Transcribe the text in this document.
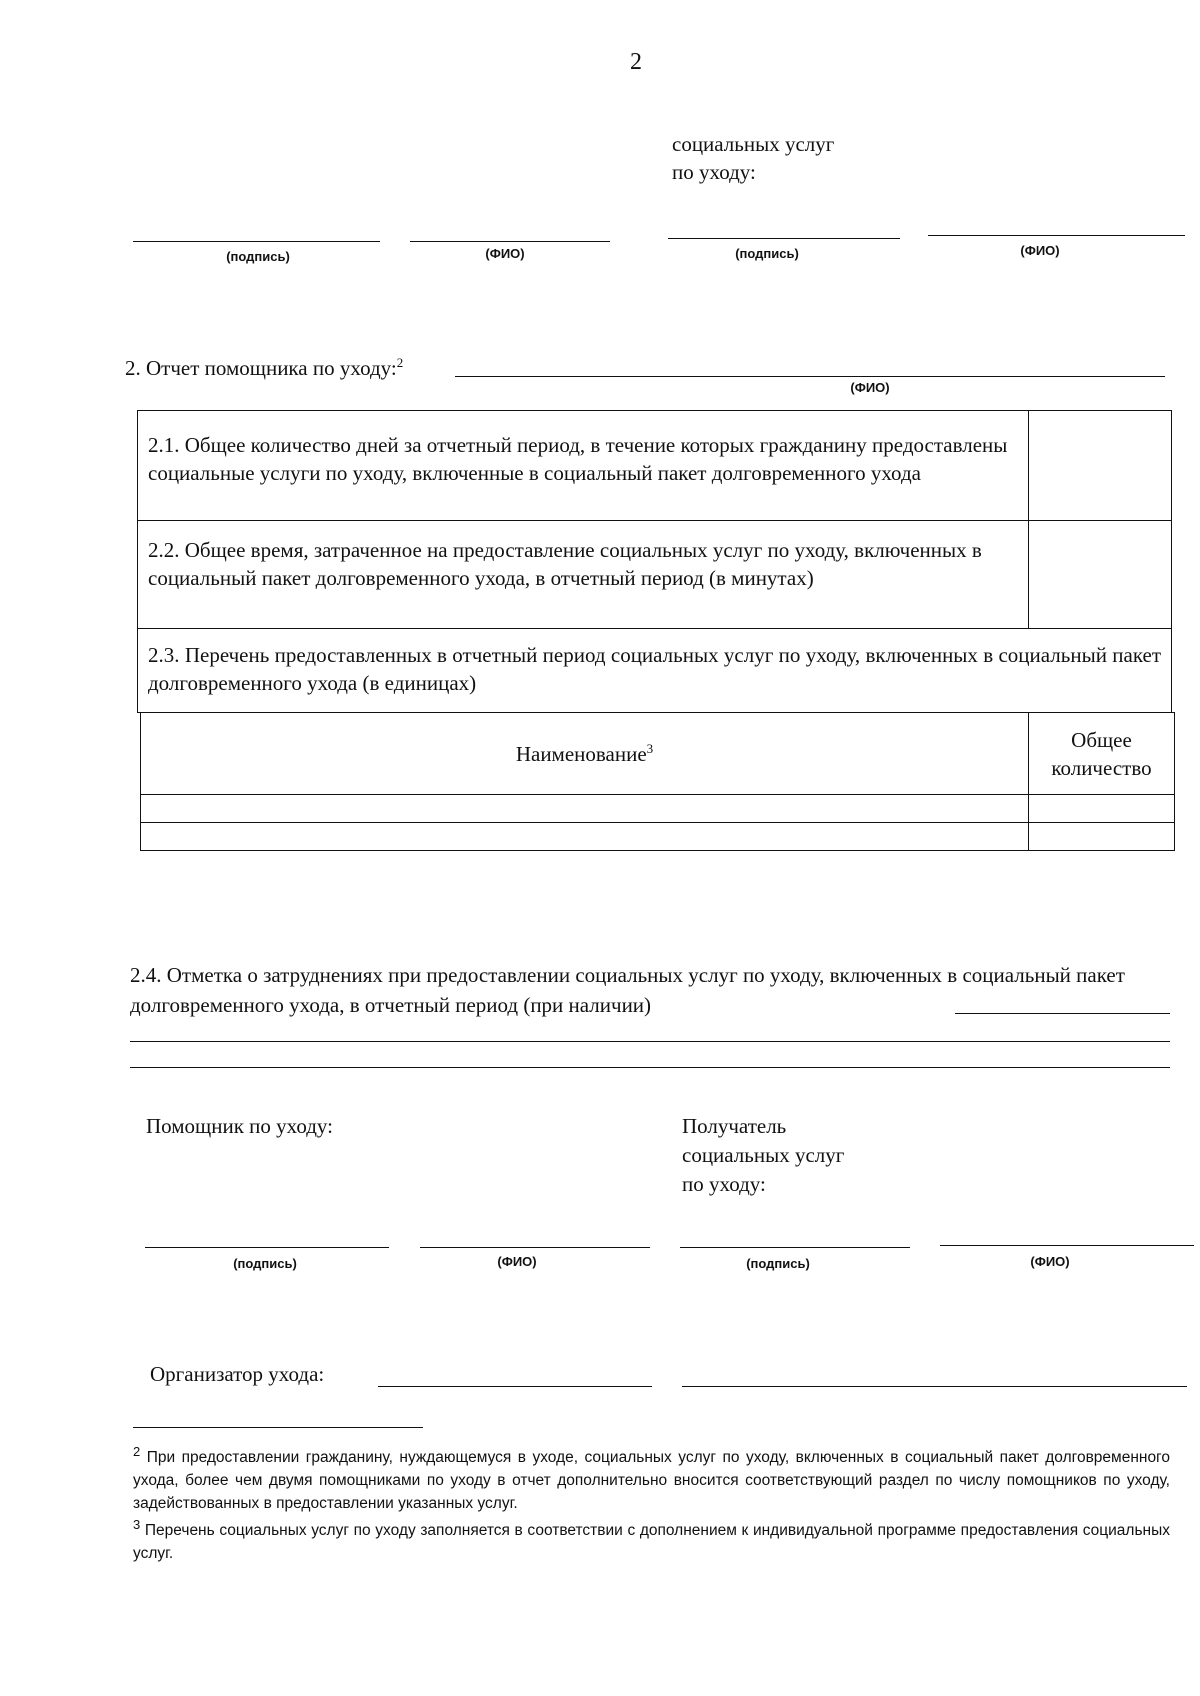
2
социальных услуг
по уходу:
(подпись)	(ФИО)	(подпись)	(ФИО)
2. Отчет помощника по уходу:$^2$
(ФИО)
2.1. Общее количество дней за отчетный период, в течение которых гражданину предоставлены социальные услуги по уходу, включенные в социальный пакет долговременного ухода	

2.2. Общее время, затраченное на предоставление социальных услуг по уходу, включенных в социальный пакет долговременного ухода, в отчетный период (в минутах)	

2.3. Перечень предоставленных в отчетный период социальных услуг по уходу, включенных в социальный пакет долговременного ухода (в единицах)	
Наименование$^3$	Общее количество

2.4. Отметка о затруднениях при предоставлении социальных услуг по уходу, включенных в социальный пакет долговременного ухода, в отчетный период (при наличии)
Помощник по уходу:	Получатель
социальных услуг
по уходу:
(подпись)	(ФИО)	(подпись)	(ФИО)
Организатор ухода:
$^2$ При предоставлении гражданину, нуждающемуся в уходе, социальных услуг по уходу, включенных в социальный пакет долговременного ухода, более чем двумя помощниками по уходу в отчет дополнительно вносится соответствующий раздел по числу помощников по уходу, задействованных в предоставлении указанных услуг.
$^3$ Перечень социальных услуг по уходу заполняется в соответствии с дополнением к индивидуальной программе предоставления социальных услуг.
